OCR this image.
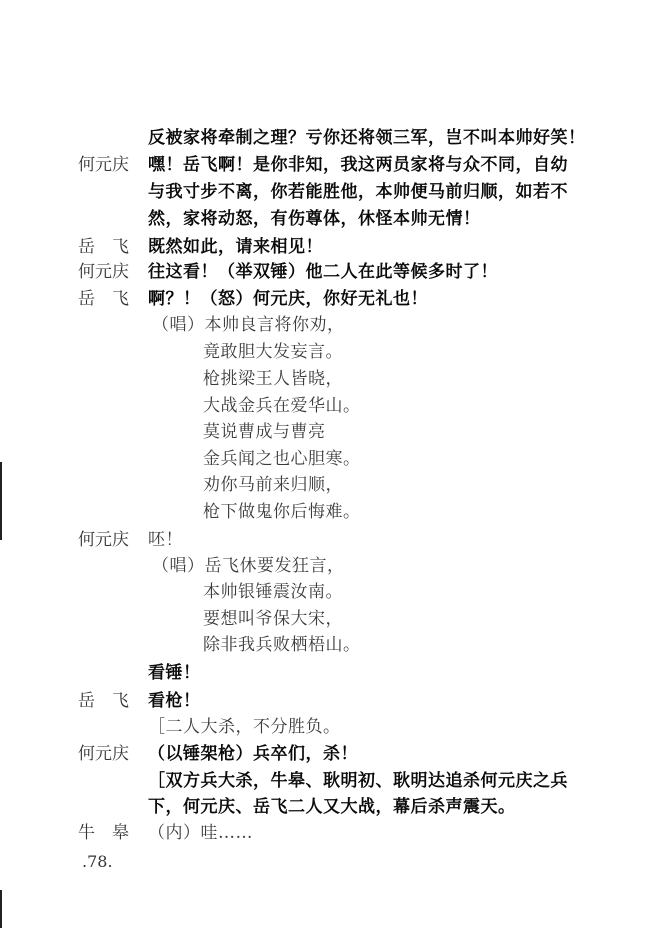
反被家将牵制之理？亏你还将领三军，岂不叫本帅好笑！
何元庆 嘿！岳飞啊！是你非知，我这两员家将与众不同，自幼
与我寸步不离，你若能胜他，本帅便马前归顺，如若不
然，家将动怒，有伤尊体，休怪本帅无情！
岳　飞 既然如此，请来相见！
何元庆 往这看！（举双锤）他二人在此等候多时了！
岳　飞 啊？！（怒）何元庆，你好无礼也！
（唱）本帅良言将你劝，
竟敢胆大发妄言。
枪挑梁王人皆晓，
大战金兵在爱华山。
莫说曹成与曹亮
金兵闻之也心胆寒。
劝你马前来归顺，
枪下做鬼你后悔难。
何元庆 呸！
（唱）岳飞休要发狂言，
本帅银锤震汝南。
要想叫爷保大宋，
除非我兵败栖梧山。
看锤！
岳　飞 看枪！
［二人大杀，不分胜负。
何元庆 （以锤架枪）兵卒们，杀！
［双方兵大杀，牛皋、耿明初、耿明达追杀何元庆之兵
下，何元庆、岳飞二人又大战，幕后杀声震天。
牛　皋 （内）哇……
.78.
